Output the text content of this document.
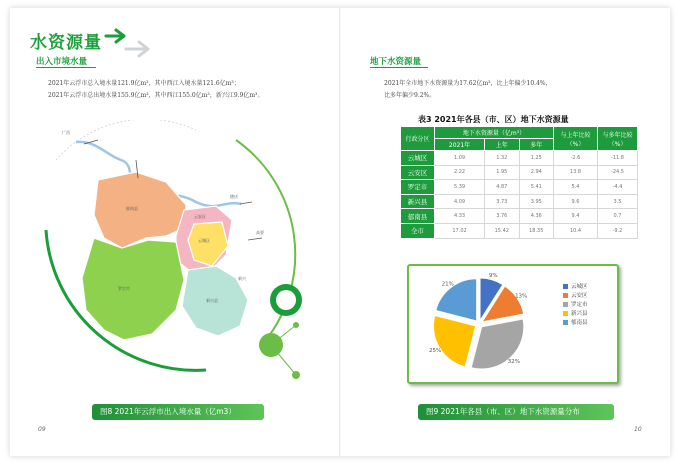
水资源量
出入市境水量
2021年云浮市总入境水量121.9亿m³，其中西江入境水量121.6亿m³；
2021年云浮市总出境水量155.9亿m³，其中西江155.0亿m³，新兴江9.9亿m³。
广西
德庆
高要
新兴
云城区
云安区
罗定市
郁南县
新兴县
图8 2021年云浮市出入境水量（亿m3）
09
地下水资源量
2021年全市地下水资源量为17.62亿m³，比上年偏少10.4%，
比多年偏少9.2%。
表3 2021年各县（市、区）地下水资源量
行政分区	地下水资源量（亿m³）			与上年比较（%）	与多年比较（%）
	2021年	上年	多年		
云城区	1.09	1.32	1.25	-2.6	-11.8
云安区	2.22	1.95	2.94	13.8	-24.5
罗定市	5.39	4.87	5.41	5.4	-4.4
新兴县	4.09	3.73	3.95	9.6	3.5
郁南县	4.33	3.76	4.36	9.4	0.7
全市	17.02	15.42	18.35	10.4	-9.2
9%
13%
32%
25%
21%	云城区
云安区
罗定市
新兴县
郁南县
图9 2021年各县（市、区）地下水资源量分布
10
